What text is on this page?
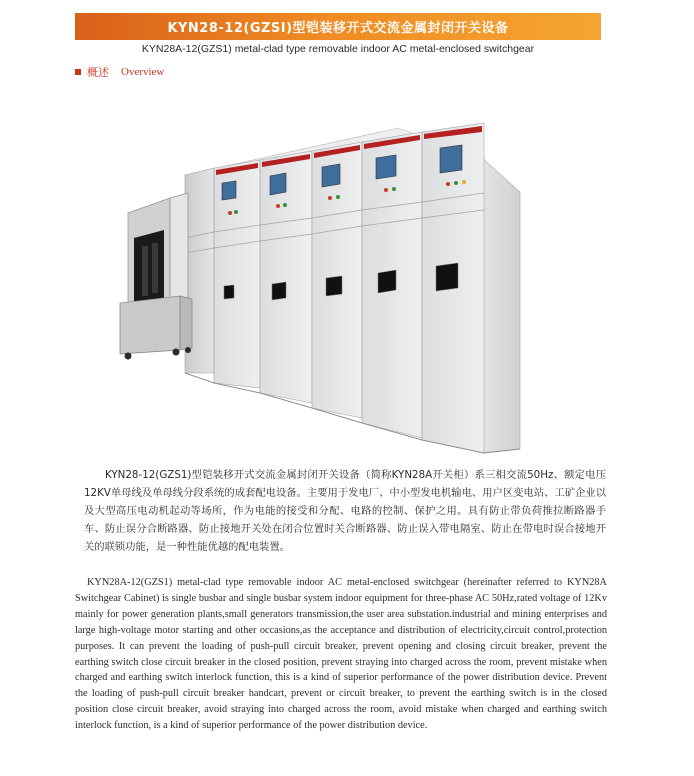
KYN28-12(GZSI)型铠装移开式交流金属封闭开关设备
KYN28A-12(GZS1) metal-clad type removable indoor AC metal-enclosed switchgear
概述 Overview

KYN28-12(GZS1)型铠装移开式交流金属封闭开关设备（简称KYN28A开关柜）系三相交流50Hz、额定电压12KV单母线及单母线分段系统的成套配电设备。主要用于发电厂、中小型发电机输电、用户区变电站、工矿企业以及大型高压电动机起动等场所，作为电能的接受和分配、电路的控制、保护之用。具有防止带负荷推拉断路器手车、防止误分合断路器、防止接地开关处在闭合位置时关合断路器、防止误入带电隔室、防止在带电时误合接地开关的联锁功能，是一种性能优越的配电装置。

KYN28A-12(GZS1) metal-clad type removable indoor AC metal-enclosed switchgear (hereinafter referred to KYN28A Switchgear Cabinet) is single busbar and single busbar system indoor equipment for three-phase AC 50Hz,rated voltage of 12Kv mainly for power generation plants,small generators transmission,the user area substation.industrial and mining enterprises and large high-voltage motor starting and other occasions,as the acceptance and distribution of electricity,circuit control,protection purposes. It can prevent the loading of push-pull circuit breaker, prevent opening and closing circuit breaker, prevent the earthing switch close circuit breaker in the closed position, prevent straying into charged across the room, prevent mistake when charged and earthing switch interlock function, this is a kind of superior performance of the power distribution device. Prevent the loading of push-pull circuit breaker handcart, prevent or circuit breaker, to prevent the earthing switch is in the closed position close circuit breaker, avoid straying into charged across the room, avoid mistake when charged and earthing switch interlock function, is a kind of superior performance of the power distribution device.
